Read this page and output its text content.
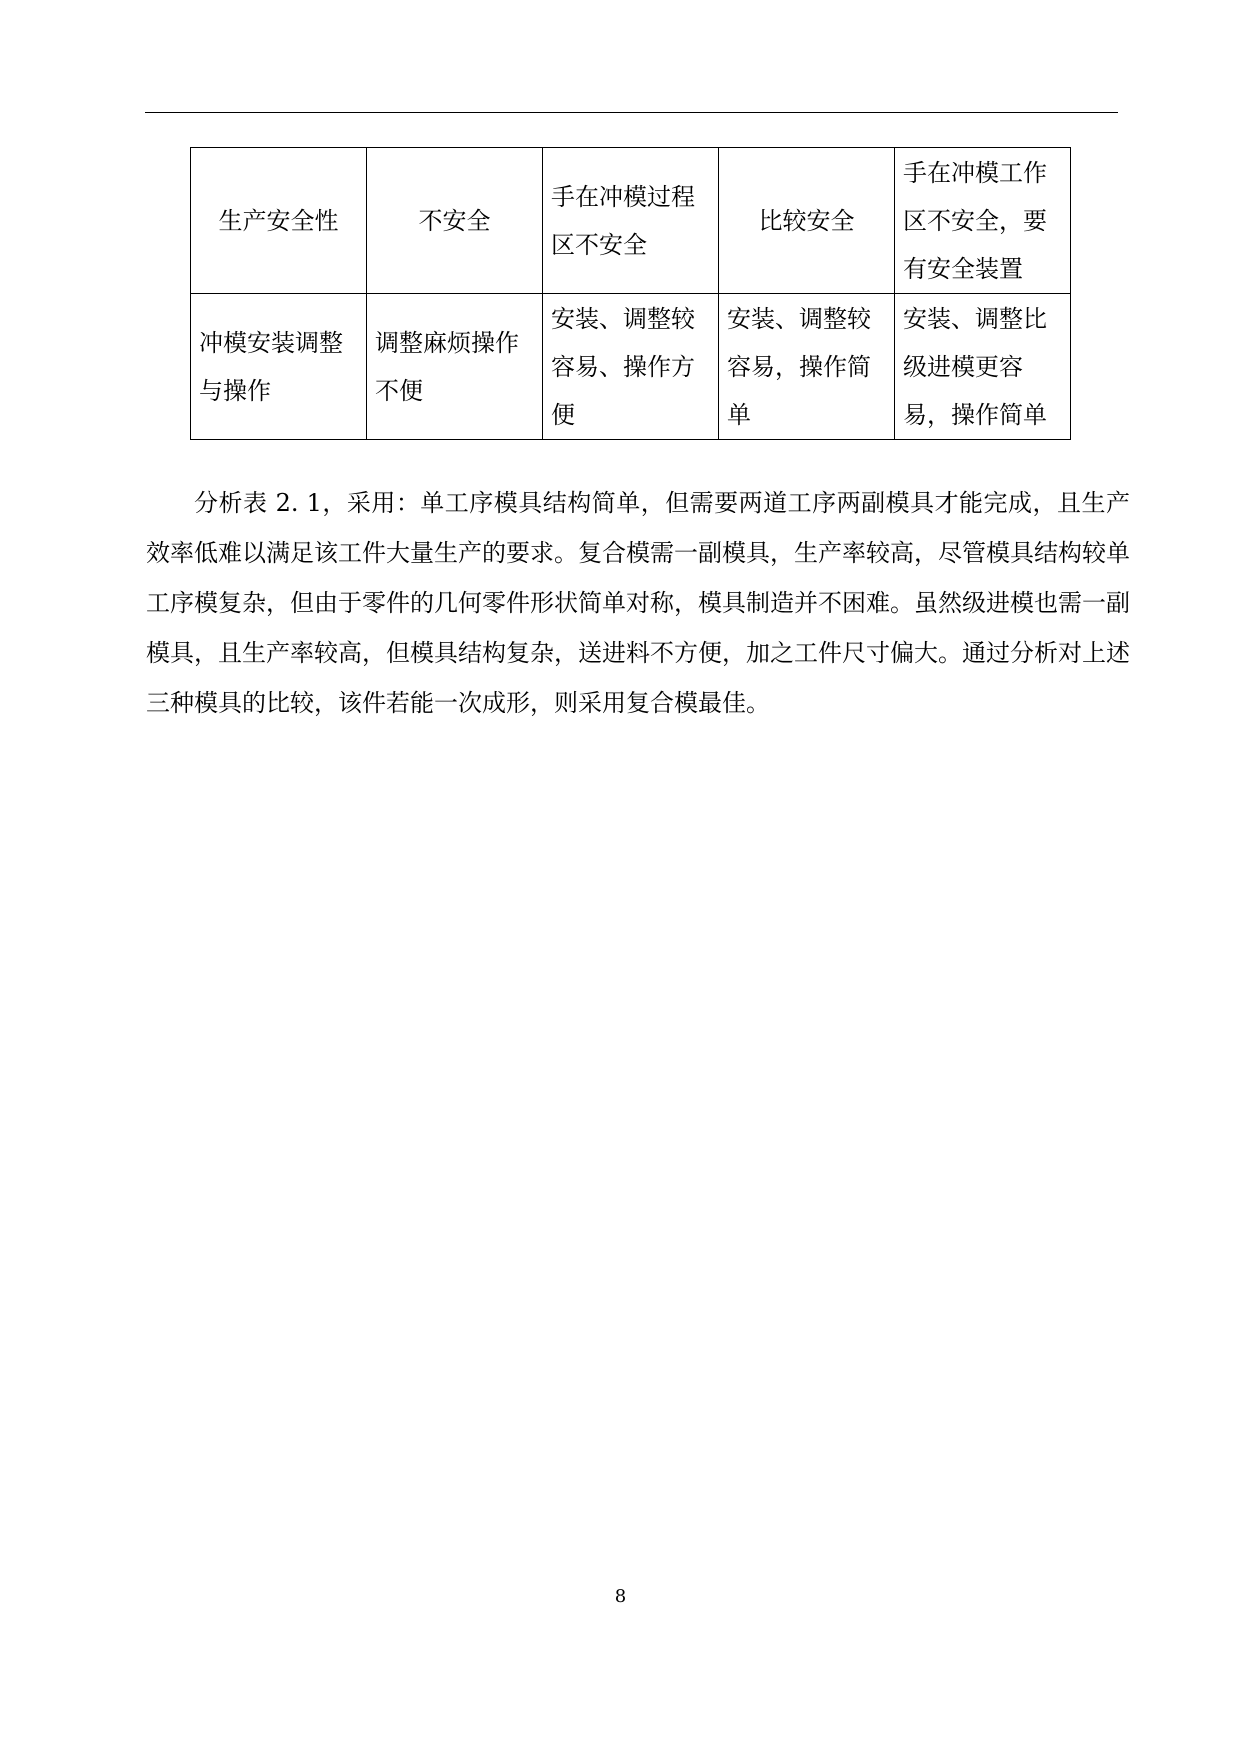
生产安全性	不安全	手在冲模过程区不安全	比较安全	手在冲模工作区不安全，要有安全装置
冲模安装调整与操作	调整麻烦操作不便	安装、调整较容易、操作方便	安装、调整较容易，操作简单	安装、调整比级进模更容易，操作简单

分析表 2. 1，采用：单工序模具结构简单，但需要两道工序两副模具才能完成，且生产效率低难以满足该工件大量生产的要求。复合模需一副模具，生产率较高，尽管模具结构较单工序模复杂，但由于零件的几何零件形状简单对称，模具制造并不困难。虽然级进模也需一副模具，且生产率较高，但模具结构复杂，送进料不方便，加之工件尺寸偏大。通过分析对上述三种模具的比较，该件若能一次成形，则采用复合模最佳。

8
